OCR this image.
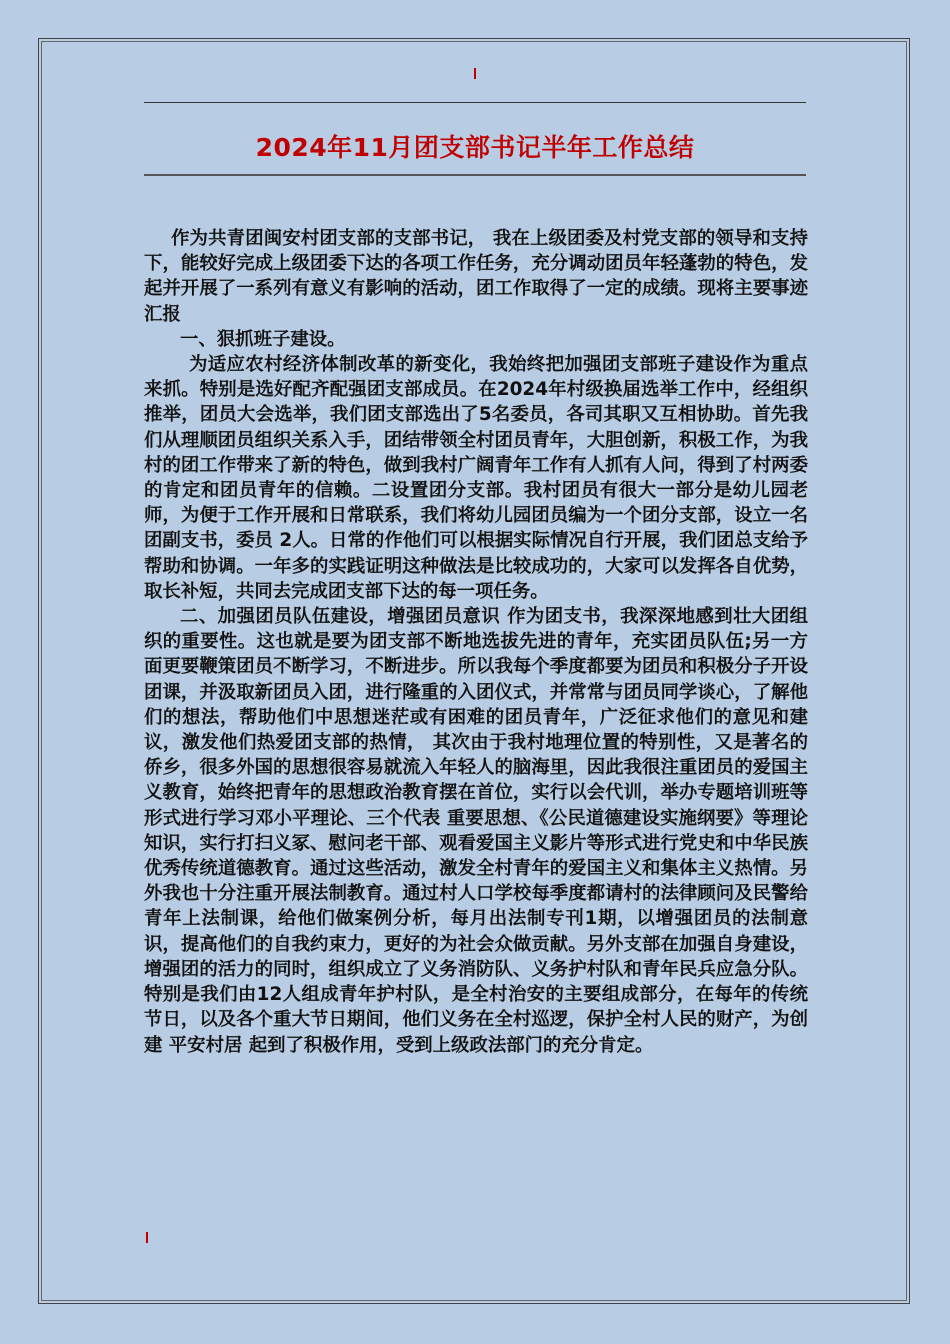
2024年11月团支部书记半年工作总结

作为共青团闽安村团支部的支部书记， 我在上级团委及村党支部的领导和支持下，能较好完成上级团委下达的各项工作任务，充分调动团员年轻蓬勃的特色，发起并开展了一系列有意义有影响的活动，团工作取得了一定的成绩。现将主要事迹汇报

一、狠抓班子建设。

为适应农村经济体制改革的新变化，我始终把加强团支部班子建设作为重点来抓。特别是选好配齐配强团支部成员。在2024年村级换届选举工作中，经组织推举，团员大会选举，我们团支部选出了5名委员，各司其职又互相协助。首先我们从理顺团员组织关系入手，团结带领全村团员青年，大胆创新，积极工作，为我村的团工作带来了新的特色，做到我村广阔青年工作有人抓有人问，得到了村两委的肯定和团员青年的信赖。二设置团分支部。我村团员有很大一部分是幼儿园老师，为便于工作开展和日常联系，我们将幼儿园团员编为一个团分支部，设立一名团副支书，委员 2人。日常的作他们可以根据实际情况自行开展，我们团总支给予帮助和协调。一年多的实践证明这种做法是比较成功的，大家可以发挥各自优势，取长补短，共同去完成团支部下达的每一项任务。

二、加强团员队伍建设，增强团员意识 作为团支书，我深深地感到壮大团组织的重要性。这也就是要为团支部不断地选拔先进的青年，充实团员队伍;另一方面更要鞭策团员不断学习，不断进步。所以我每个季度都要为团员和积极分子开设团课，并汲取新团员入团，进行隆重的入团仪式，并常常与团员同学谈心，了解他们的想法，帮助他们中思想迷茫或有困难的团员青年，广泛征求他们的意见和建议，激发他们热爱团支部的热情， 其次由于我村地理位置的特别性，又是著名的侨乡，很多外国的思想很容易就流入年轻人的脑海里，因此我很注重团员的爱国主义教育，始终把青年的思想政治教育摆在首位，实行以会代训，举办专题培训班等形式进行学习邓小平理论、三个代表 重要思想、《公民道德建设实施纲要》等理论知识，实行打扫义冢、慰问老干部、观看爱国主义影片等形式进行党史和中华民族优秀传统道德教育。通过这些活动，激发全村青年的爱国主义和集体主义热情。另外我也十分注重开展法制教育。通过村人口学校每季度都请村的法律顾问及民警给青年上法制课，给他们做案例分析，每月出法制专刊1期，以增强团员的法制意识，提高他们的自我约束力，更好的为社会众做贡献。另外支部在加强自身建设，增强团的活力的同时，组织成立了义务消防队、义务护村队和青年民兵应急分队。特别是我们由12人组成青年护村队，是全村治安的主要组成部分，在每年的传统节日，以及各个重大节日期间，他们义务在全村巡逻，保护全村人民的财产，为创建 平安村居 起到了积极作用，受到上级政法部门的充分肯定。
